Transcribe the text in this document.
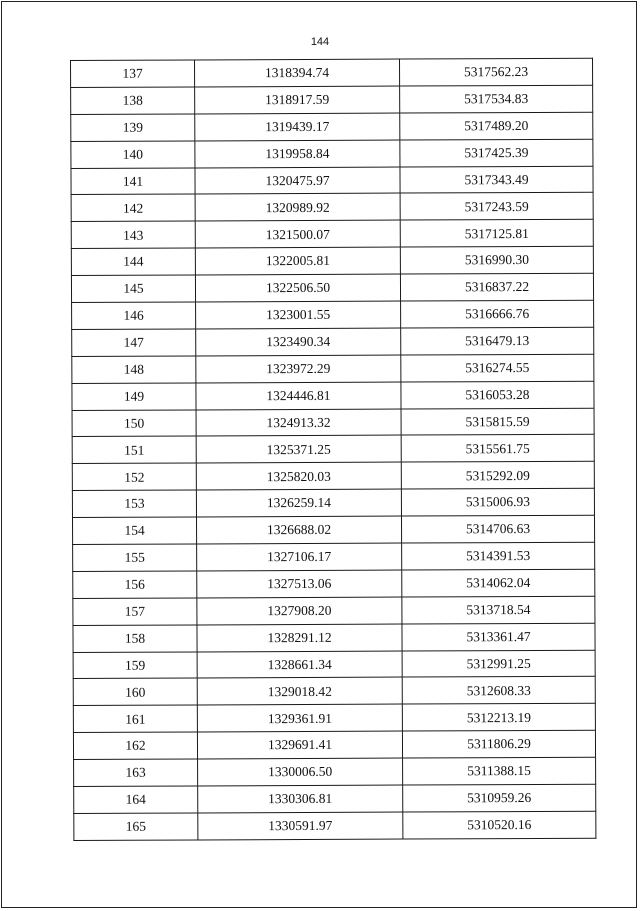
144
137	1318394.74	5317562.23
138	1318917.59	5317534.83
139	1319439.17	5317489.20
140	1319958.84	5317425.39
141	1320475.97	5317343.49
142	1320989.92	5317243.59
143	1321500.07	5317125.81
144	1322005.81	5316990.30
145	1322506.50	5316837.22
146	1323001.55	5316666.76
147	1323490.34	5316479.13
148	1323972.29	5316274.55
149	1324446.81	5316053.28
150	1324913.32	5315815.59
151	1325371.25	5315561.75
152	1325820.03	5315292.09
153	1326259.14	5315006.93
154	1326688.02	5314706.63
155	1327106.17	5314391.53
156	1327513.06	5314062.04
157	1327908.20	5313718.54
158	1328291.12	5313361.47
159	1328661.34	5312991.25
160	1329018.42	5312608.33
161	1329361.91	5312213.19
162	1329691.41	5311806.29
163	1330006.50	5311388.15
164	1330306.81	5310959.26
165	1330591.97	5310520.16
